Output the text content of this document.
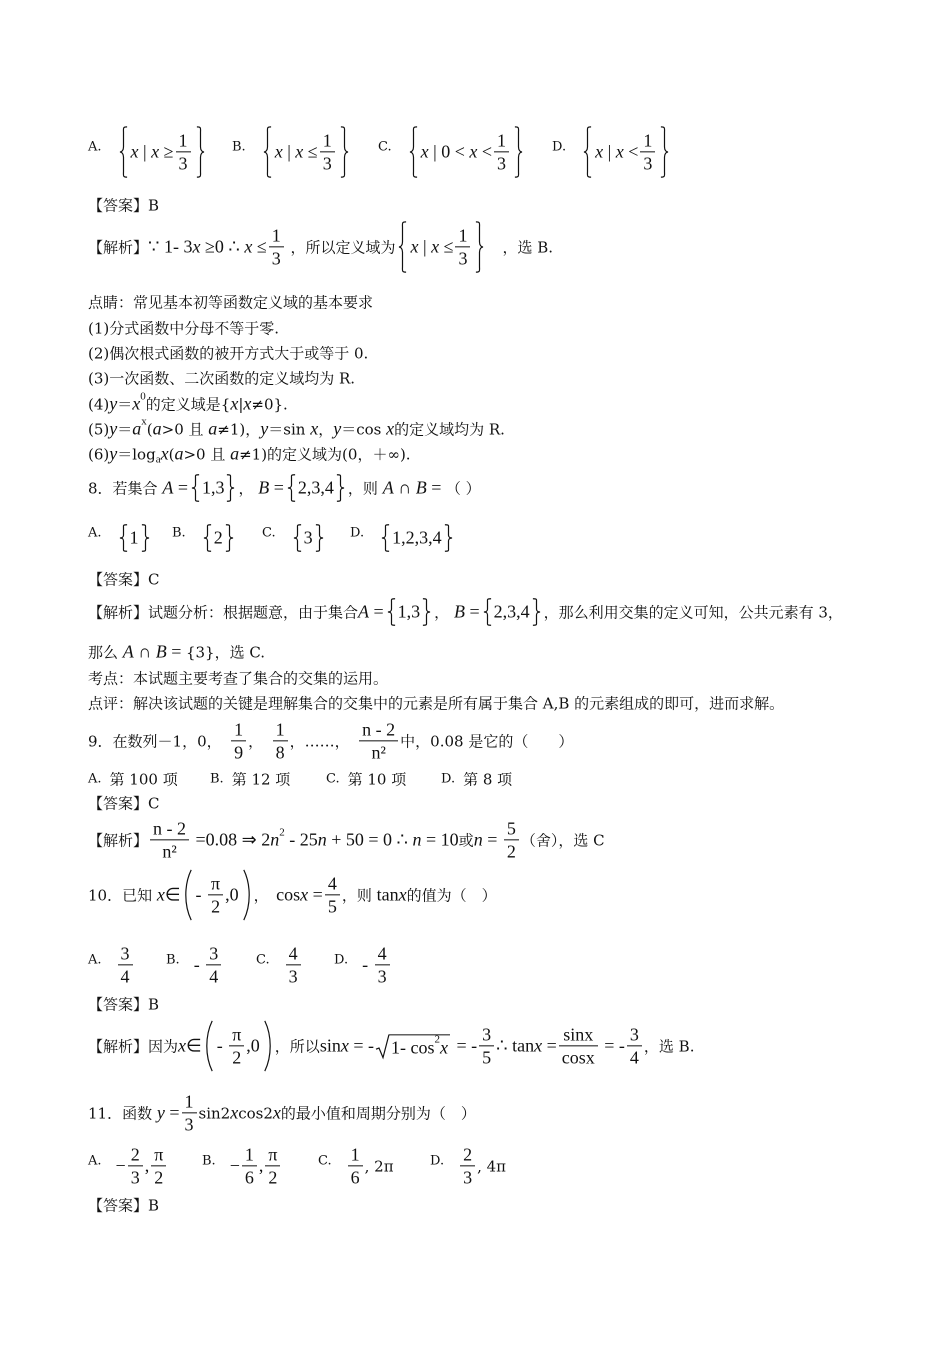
A. x | $x \ge \frac{1}{3}$	B. x | $x \le \frac{1}{3}$	C. x | $0 < x < \frac{1}{3}$	D. x | $x < \frac{1}{3}$
【答案】 B
【解析】 ∵ 1- 3 x ≥0 ∴ $x \le \frac{1}{3}$ ，所以定义域为 x | $x \le \frac{1}{3}$ 　，选 B.
点睛：常见基本初等函数定义域的基本要求
(1)分式函数中分母不等于零.
(2)偶次根式函数的被开方式大于或等于 0.
(3)一次函数、二次函数的定义域均为 R.
(4) y ＝ x 0 的定义域是{ x | x ≠0}.
(5) y ＝ a x ( a >0 且 a ≠1)， y ＝sin x ， y ＝cos x 的定义域均为 R.
(6) y ＝log a x ( a >0 且 a ≠1)的定义域为(0，＋∞).
8．若集合 A = 1,3 ， B = 2,3,4 ，则 A ∩ B = （ ）
A. 1	B. 2	C. 3	D. 1,2,3,4
【答案】 C
【解析】试题分析：根据题意，由于集合 A = 1,3 ， B = 2,3,4 ，那么利用交集的定义可知，公共元素有 3，
那么 A ∩ B = {3}，选 C.
考点：本试题主要考查了集合的交集的运用。
点评：解决该试题的关键是理解集合的交集中的元素是所有属于集合 A,B 的元素组成的即可，进而求解。
9．在数列－1，0，　 $\frac{1}{9}$ ，　 $\frac{1}{8}$ ，……，　 $\frac{n - 2}{\text{n²}}$ 中，0.08 是它的（　　）
A. 第 100 项 B. 第 12 项	C. 第 10 项	D. 第 8 项
【答案】 C
【解析】 $\frac{n - 2}{\text{n²}} =0.08$ ⇒ 2 n 2 - 25 n + 50 = 0 ∴ n = 10 或 $n = \frac{5}{2}$ （舍），选 C
10．已知 x ∈ - $\frac{\pi}{2} ,0$ ，　 $\cos x = \frac{4}{5}$ ，则 tan x 的值为（　）
A. $\frac{3}{4}$	B. - $\frac{3}{4}$	C. $\frac{4}{3}$	D. - $\frac{4}{3}$
【答案】 B
【解析】因为 x ∈ - $\frac{\pi}{2} ,0$ ，所以 sin x = - 1- cos 2 x = - $\frac{3}{5}$ ∴ $\tan x = \frac{\sin x}{\cos x}$ = - $\frac{3}{4}$ ，选 B.
11．函数 $y = \frac{1}{3} \sin 2$ x cos2 x 的最小值和周期分别为（　）
A. − $\frac{2}{3}$ , $\frac{\pi}{2}$	B. − $\frac{1}{6}$ , $\frac{\pi}{2}$	C. $\frac{1}{6}$ , 2π	D. $\frac{2}{3}$ , 4π
【答案】 B
